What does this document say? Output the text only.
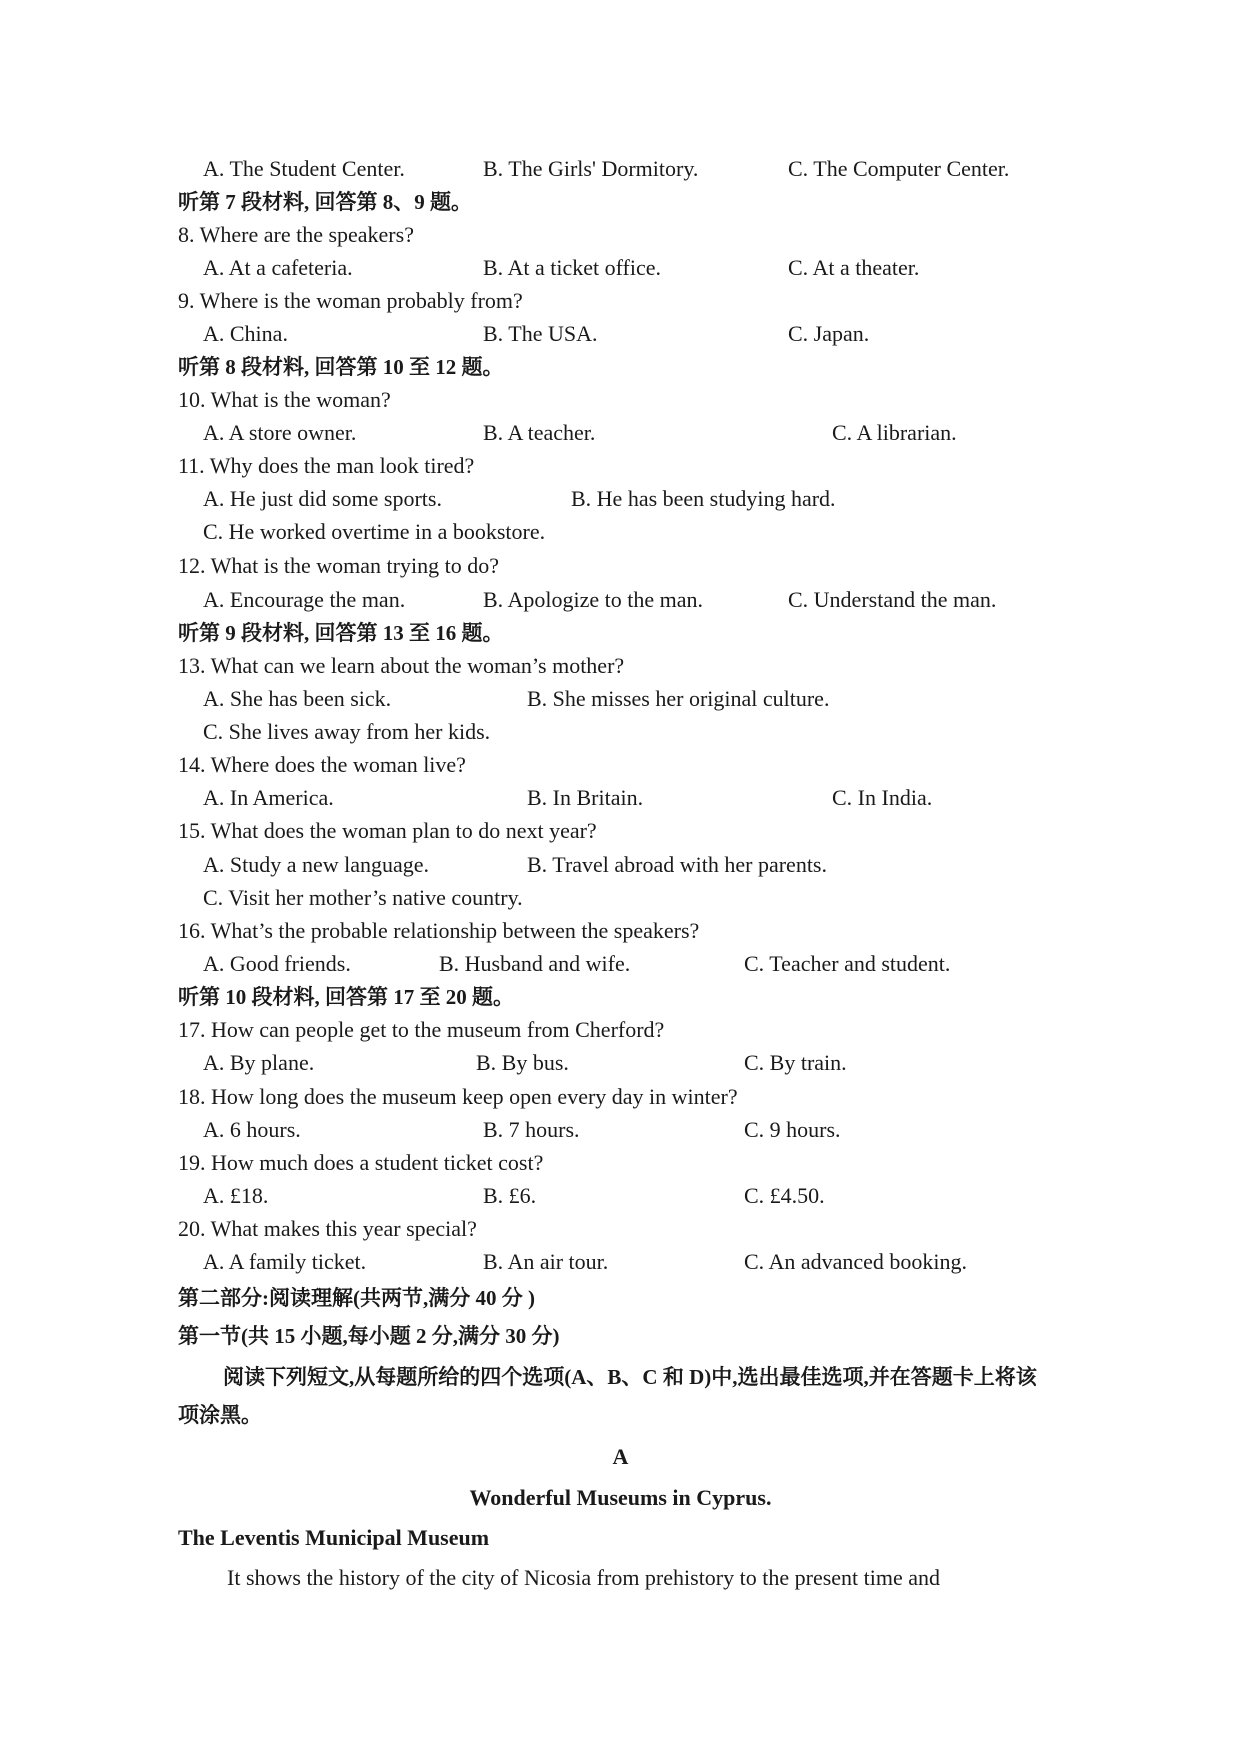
A. The Student Center.	B. The Girls' Dormitory.	C. The Computer Center.
听第 7 段材料, 回答第 8、9 题。
8. Where are the speakers?
A. At a cafeteria.	B. At a ticket office.	C. At a theater.
9. Where is the woman probably from?
A. China.	B. The USA.	C. Japan.
听第 8 段材料, 回答第 10 至 12 题。
10. What is the woman?
A. A store owner.	B. A teacher.	C. A librarian.
11. Why does the man look tired?
A. He just did some sports.	B. He has been studying hard.
C. He worked overtime in a bookstore.
12. What is the woman trying to do?
A. Encourage the man.	B. Apologize to the man.	C. Understand the man.
听第 9 段材料, 回答第 13 至 16 题。
13. What can we learn about the woman’s mother?
A. She has been sick.	B. She misses her original culture.
C. She lives away from her kids.
14. Where does the woman live?
A. In America.	B. In Britain.	C. In India.
15. What does the woman plan to do next year?
A. Study a new language.	B. Travel abroad with her parents.
C. Visit her mother’s native country.
16. What’s the probable relationship between the speakers?
A. Good friends.	B. Husband and wife.	C. Teacher and student.
听第 10 段材料, 回答第 17 至 20 题。
17. How can people get to the museum from Cherford?
A. By plane.	B. By bus.	C. By train.
18. How long does the museum keep open every day in winter?
A. 6 hours.	B. 7 hours.	C. 9 hours.
19. How much does a student ticket cost?
A. £18.	B. £6.	C. £4.50.
20. What makes this year special?
A. A family ticket.	B. An air tour.	C. An advanced booking.
第二部分:阅读理解(共两节,满分 40 分 )
第一节(共 15 小题,每小题 2 分,满分 30 分)
阅读下列短文,从每题所给的四个选项(A、B、C 和 D)中,选出最佳选项,并在答题卡上将该
项涂黑。
A
Wonderful Museums in Cyprus.
The Leventis Municipal Museum
It shows the history of the city of Nicosia from prehistory to the present time and
